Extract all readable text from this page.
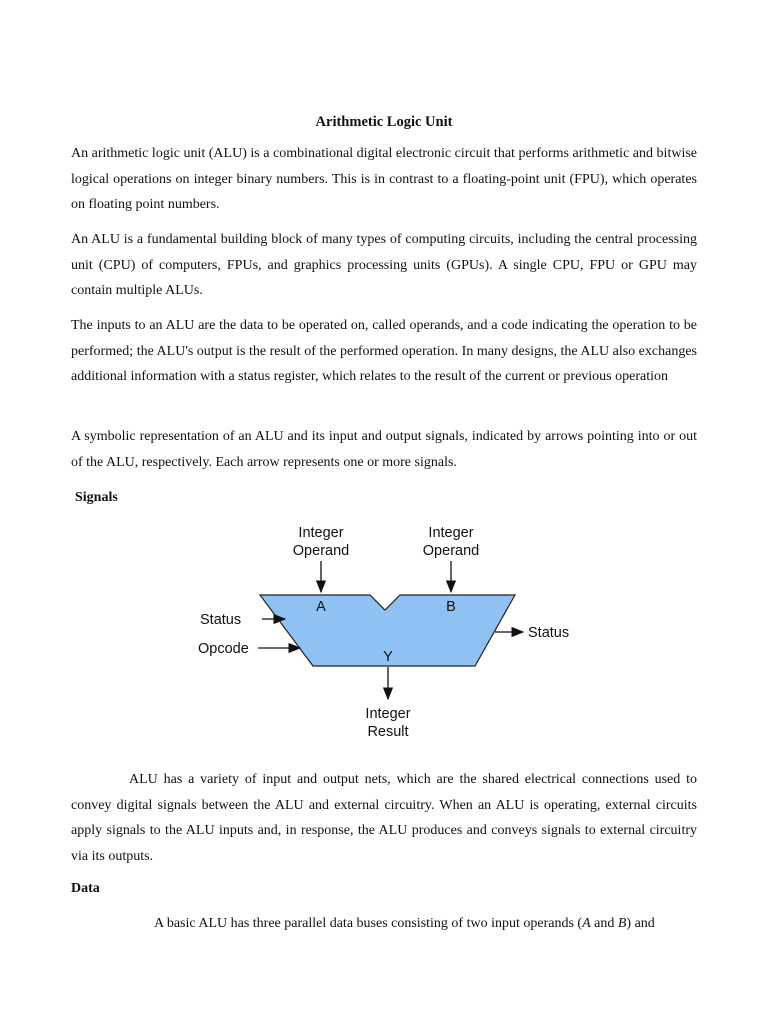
Arithmetic Logic Unit

An arithmetic logic unit (ALU) is a combinational digital electronic circuit that performs arithmetic and bitwise logical operations on integer binary numbers. This is in contrast to a floating-point unit (FPU), which operates on floating point numbers.

An ALU is a fundamental building block of many types of computing circuits, including the central processing unit (CPU) of computers, FPUs, and graphics processing units (GPUs). A single CPU, FPU or GPU may contain multiple ALUs.

The inputs to an ALU are the data to be operated on, called operands, and a code indicating the operation to be performed; the ALU's output is the result of the performed operation. In many designs, the ALU also exchanges additional information with a status register, which relates to the result of the current or previous operation

A symbolic representation of an ALU and its input and output signals, indicated by arrows pointing into or out of the ALU, respectively. Each arrow represents one or more signals.

Signals
Integer
Operand
Integer
Operand
A	B
Y
Status
Opcode
Status
Integer
Result

ALU has a variety of input and output nets, which are the shared electrical connections used to convey digital signals between the ALU and external circuitry. When an ALU is operating, external circuits apply signals to the ALU inputs and, in response, the ALU produces and conveys signals to external circuitry via its outputs.

Data

A basic ALU has three parallel data buses consisting of two input operands (A and B) and
